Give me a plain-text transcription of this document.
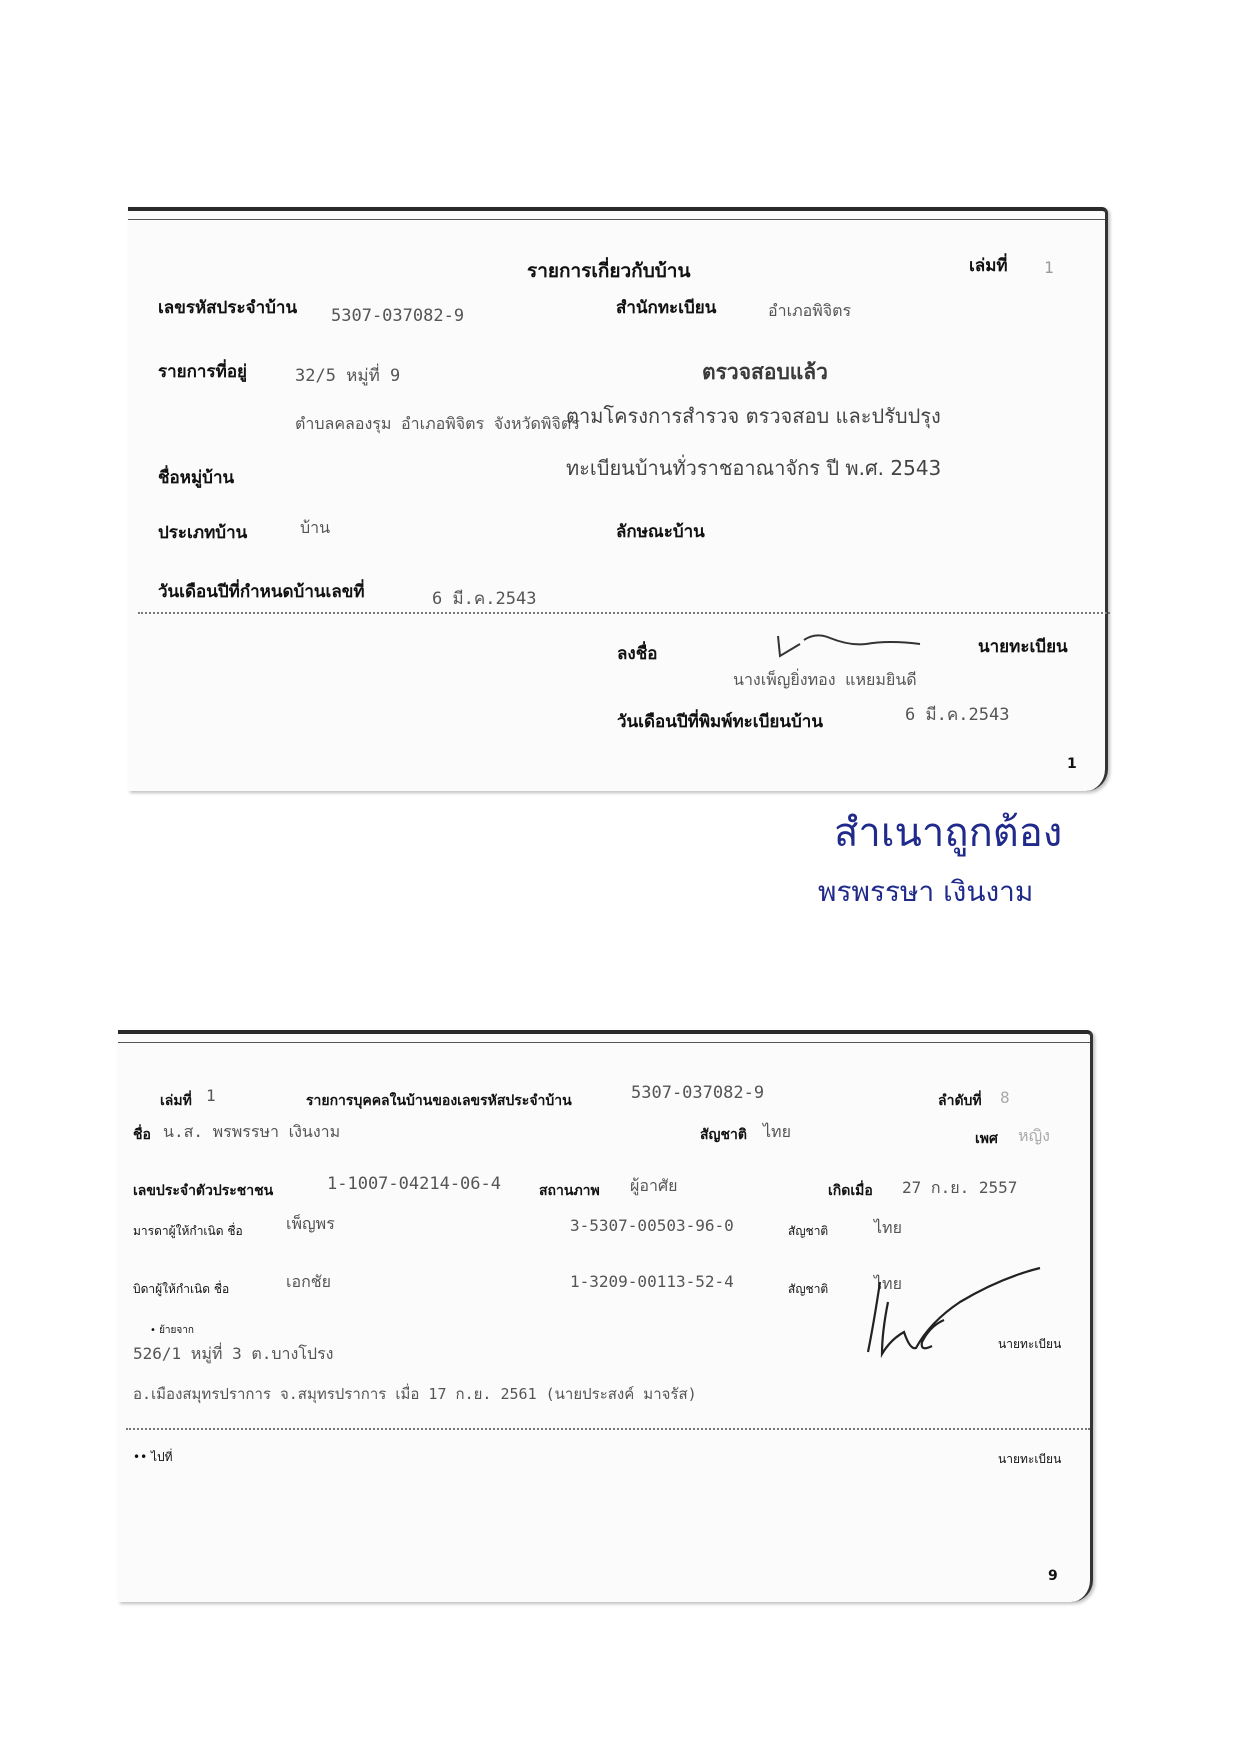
รายการเกี่ยวกับบ้าน	เล่มที่ 1
เลขรหัสประจำบ้าน 5307-037082-9	สำนักทะเบียน	อำเภอพิจิตร
รายการที่อยู่	32/5 หมู่ที่ 9
ตำบลคลองรุม อำเภอพิจิตร จังหวัดพิจิตร
ตรวจสอบแล้ว
ตามโครงการสำรวจ ตรวจสอบ และปรับปรุง
ทะเบียนบ้านทั่วราชอาณาจักร ปี พ.ศ. 2543
ชื่อหมู่บ้าน
ประเภทบ้าน	บ้าน	ลักษณะบ้าน
วันเดือนปีที่กำหนดบ้านเลขที่	6 มี.ค.2543
ลงชื่อ	นายทะเบียน
นางเพ็ญยิ่งทอง แหยมยินดี
วันเดือนปีที่พิมพ์ทะเบียนบ้าน	6 มี.ค.2543
1
สำเนาถูกต้อง
พรพรรษา เงินงาม
เล่มที่ 1	รายการบุคคลในบ้านของเลขรหัสประจำบ้าน	5307-037082-9	ลำดับที่ 8
ชื่อ น.ส. พรพรรษา เงินงาม	สัญชาติ ไทย	เพศ หญิง
เลขประจำตัวประชาชน	1-1007-04214-06-4	สถานภาพ ผู้อาศัย	เกิดเมื่อ 27 ก.ย. 2557
มารดาผู้ให้กำเนิด ชื่อ	เพ็ญพร	3-5307-00503-96-0	สัญชาติ	ไทย
บิดาผู้ให้กำเนิด ชื่อ	เอกชัย	1-3209-00113-52-4	สัญชาติ	ไทย
• ย้ายจาก
526/1 หมู่ที่ 3 ต.บางโปรง
อ.เมืองสมุทรปราการ จ.สมุทรปราการ เมื่อ 17 ก.ย. 2561 (นายประสงค์ มาจรัส)
นายทะเบียน
•• ไปที่	นายทะเบียน
9
